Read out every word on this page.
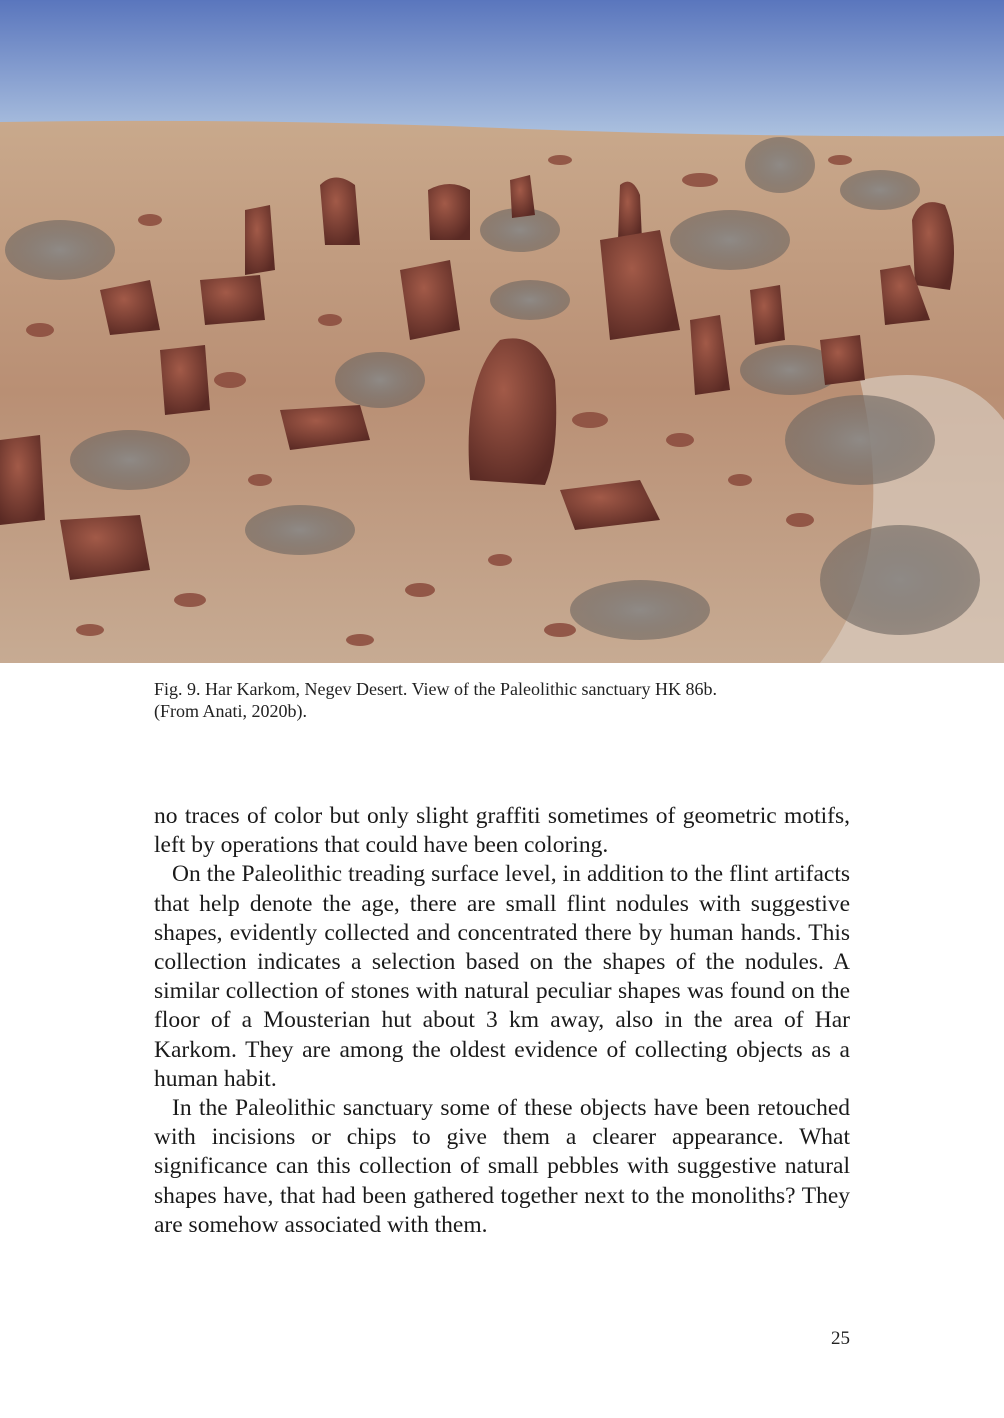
Fig. 9. Har Karkom, Negev Desert. View of the Paleolithic sanctuary HK 86b.
(From Anati, 2020b).

no traces of color but only slight graffiti sometimes of geometric motifs, left by operations that could have been coloring.

On the Paleolithic treading surface level, in addition to the flint artifacts that help denote the age, there are small flint nodules with suggestive shapes, evidently collected and concentrated there by human hands. This collection indicates a selection based on the shapes of the nodules. A similar collection of stones with natural peculiar shapes was found on the floor of a Mousterian hut about 3 km away, also in the area of Har Karkom. They are among the oldest evidence of collecting objects as a human habit.

In the Paleolithic sanctuary some of these objects have been retouched with incisions or chips to give them a clearer appearance. What significance can this collection of small pebbles with suggestive natural shapes have, that had been gathered together next to the monoliths? They are somehow associated with them.

25
